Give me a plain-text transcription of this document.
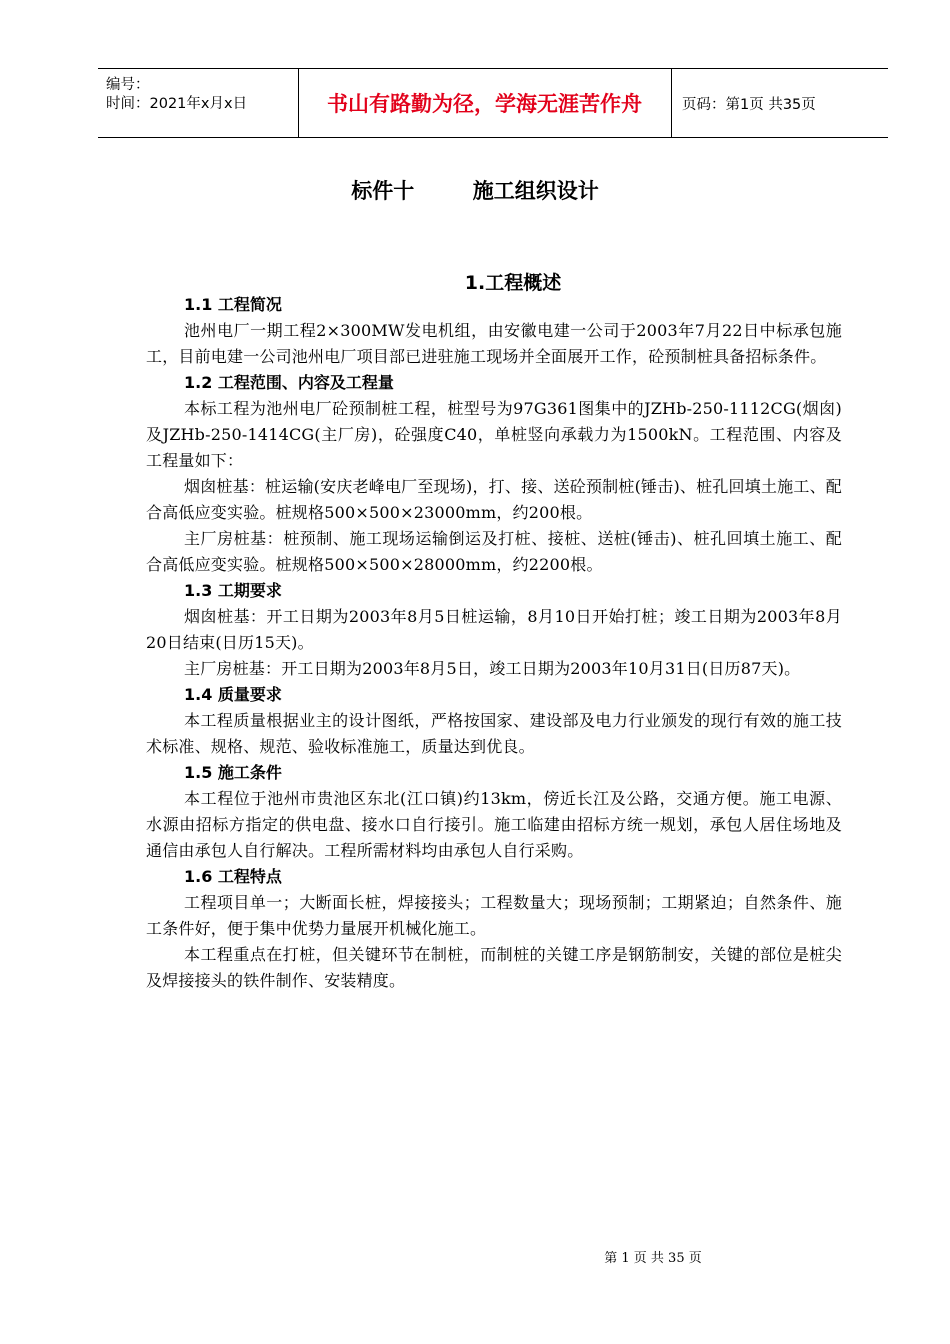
编号：
时间：2021年x月x日	书山有路勤为径，学海无涯苦作舟	页码：第1页 共35页
标件十        施工组织设计
1.工程概述

1.1 工程简况

池州电厂一期工程2×300MW发电机组，由安徽电建一公司于2003年7月22日中标承包施工，目前电建一公司池州电厂项目部已进驻施工现场并全面展开工作，砼预制桩具备招标条件。

1.2 工程范围、内容及工程量

本标工程为池州电厂砼预制桩工程，桩型号为97G361图集中的JZHb-250-1112CG(烟囱)及JZHb-250-1414CG(主厂房)，砼强度C40，单桩竖向承载力为1500kN。工程范围、内容及工程量如下：

烟囱桩基：桩运输(安庆老峰电厂至现场)，打、接、送砼预制桩(锤击)、桩孔回填土施工、配合高低应变实验。桩规格500×500×23000mm，约200根。

主厂房桩基：桩预制、施工现场运输倒运及打桩、接桩、送桩(锤击)、桩孔回填土施工、配合高低应变实验。桩规格500×500×28000mm，约2200根。

1.3 工期要求

烟囱桩基：开工日期为2003年8月5日桩运输，8月10日开始打桩；竣工日期为2003年8月20日结束(日历15天)。

主厂房桩基：开工日期为2003年8月5日，竣工日期为2003年10月31日(日历87天)。

1.4 质量要求

本工程质量根据业主的设计图纸，严格按国家、建设部及电力行业颁发的现行有效的施工技术标准、规格、规范、验收标准施工，质量达到优良。

1.5 施工条件

本工程位于池州市贵池区东北(江口镇)约13km，傍近长江及公路，交通方便。施工电源、水源由招标方指定的供电盘、接水口自行接引。施工临建由招标方统一规划，承包人居住场地及通信由承包人自行解决。工程所需材料均由承包人自行采购。

1.6 工程特点

工程项目单一；大断面长桩，焊接接头；工程数量大；现场预制；工期紧迫；自然条件、施工条件好，便于集中优势力量展开机械化施工。

本工程重点在打桩，但关键环节在制桩，而制桩的关键工序是钢筋制安，关键的部位是桩尖及焊接接头的铁件制作、安装精度。

第 1 页 共 35 页
